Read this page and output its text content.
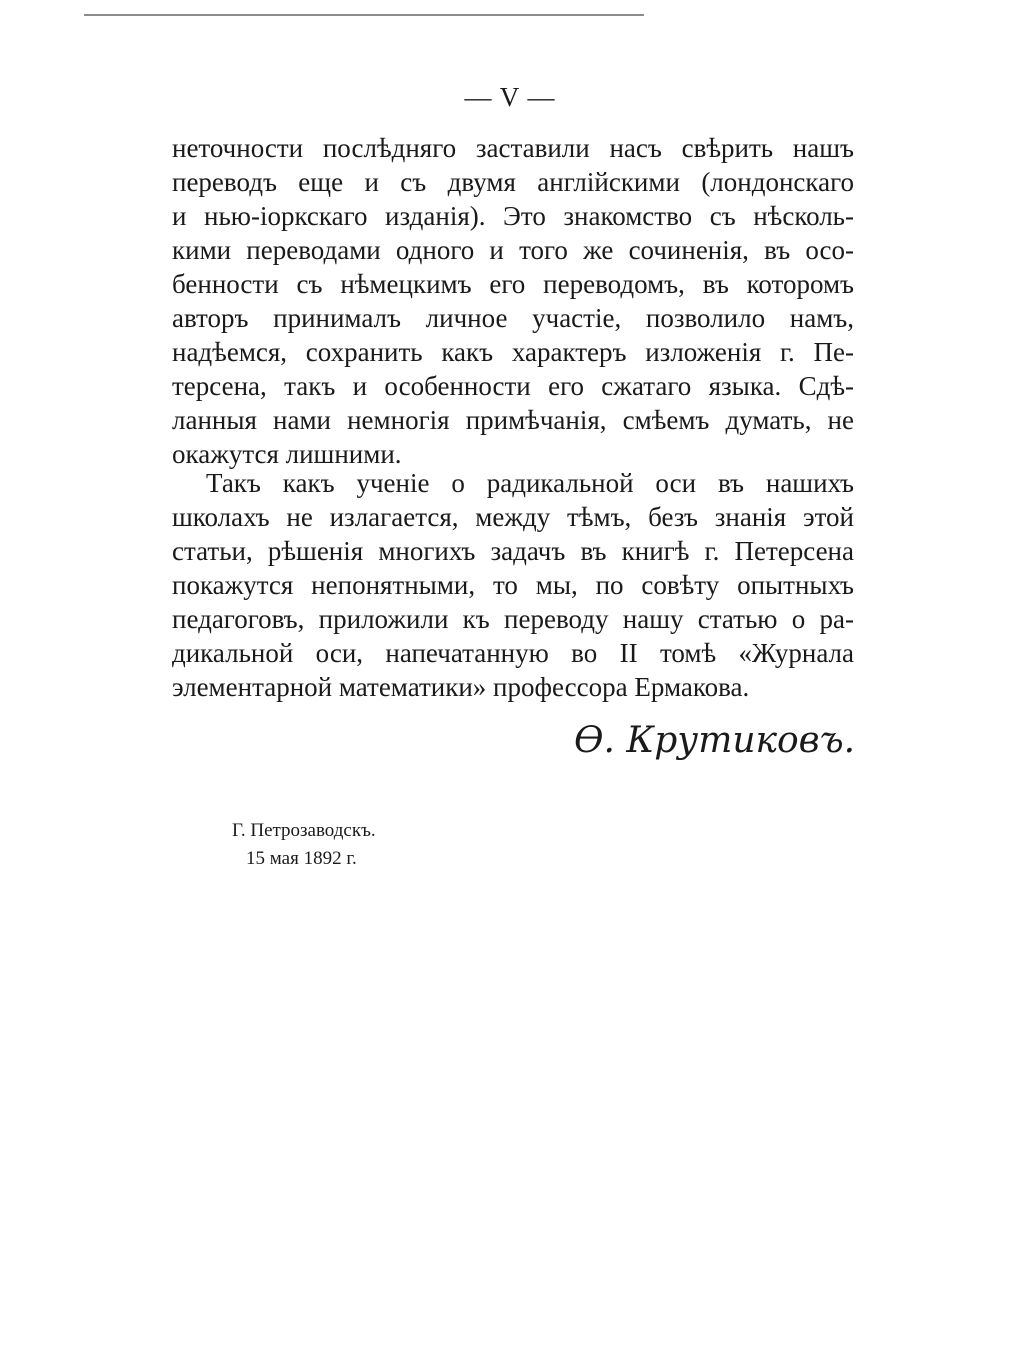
— V —
неточности послѣдняго заставили насъ свѣрить нашъ
переводъ еще и съ двумя англійскими (лондонскаго
и нью-іоркскаго изданія). Это знакомство съ нѣсколь-
кими переводами одного и того же сочиненія, въ осо-
бенности съ нѣмецкимъ его переводомъ, въ которомъ
авторъ принималъ личное участіе, позволило намъ,
надѣемся, сохранить какъ характеръ изложенія г. Пе-
терсена, такъ и особенности его сжатаго языка. Сдѣ-
ланныя нами немногія примѣчанія, смѣемъ думать, не
окажутся лишними.
Такъ какъ ученіе о радикальной оси въ нашихъ
школахъ не излагается, между тѣмъ, безъ знанія этой
статьи, рѣшенія многихъ задачъ въ книгѣ г. Петерсена
покажутся непонятными, то мы, по совѣту опытныхъ
педагоговъ, приложили къ переводу нашу статью о ра-
дикальной оси, напечатанную во II томѣ «Журнала
элементарной математики» профессора Ермакова.
Ѳ. Крутиковъ.
Г. Петрозаводскъ.
15 мая 1892 г.
